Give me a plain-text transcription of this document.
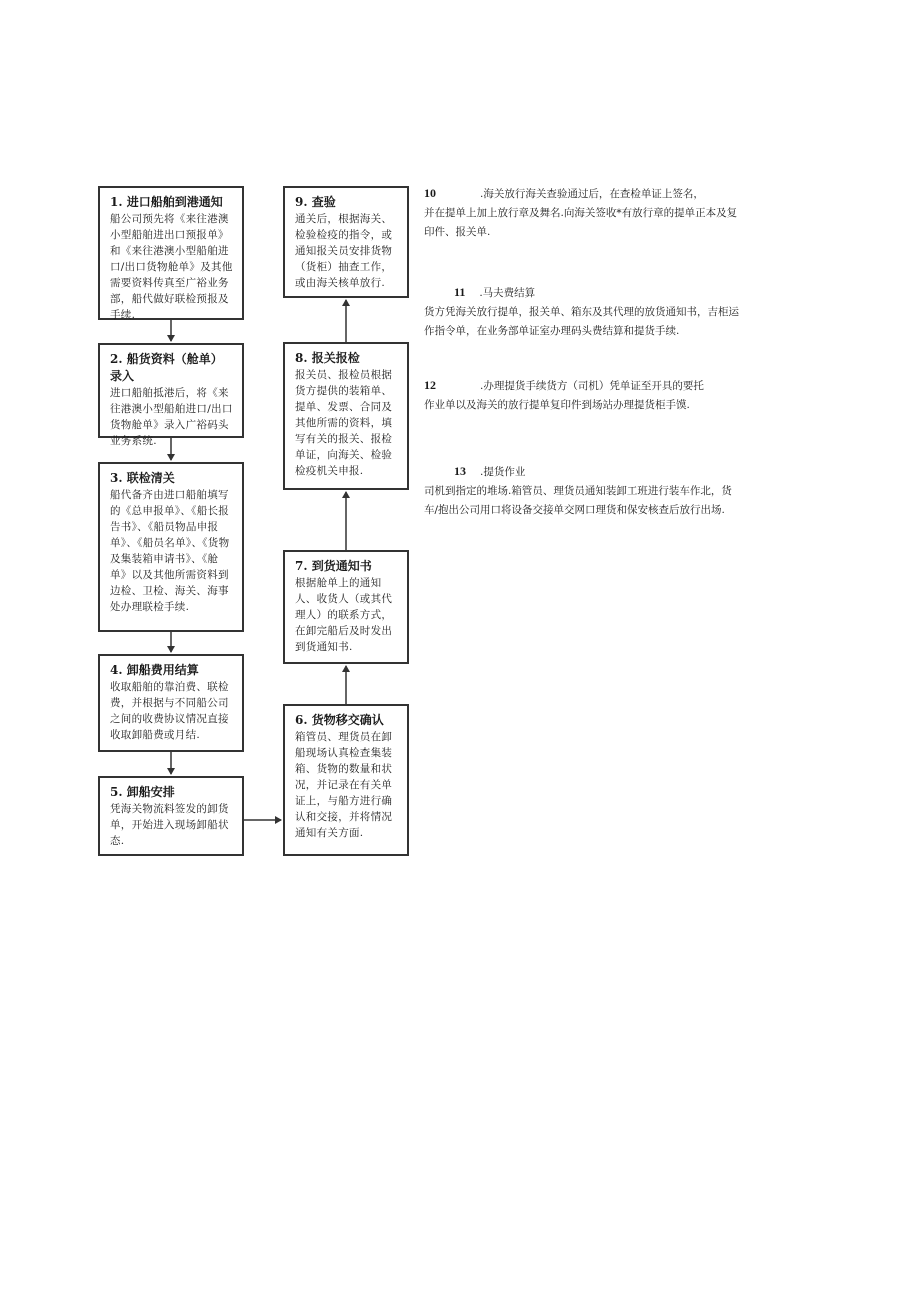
1. 进口船舶到港通知
船公司预先将《来往港澳小型船舶进出口预报单》和《来往港澳小型船舶进口/出口货物舱单》及其他需要资料传真至广裕业务部，船代做好联检预报及手续.
2. 船货资料（舱单）录入
进口船舶抵港后，将《来往港澳小型船舶进口/出口货物舱单》录入广裕码头业务系统.
3. 联检清关
船代备齐由进口船舶填写的《总申报单》、《船长报告书》、《船员物品申报单》、《船员名单》、《货物及集装箱申请书》、《舱单》以及其他所需资料到边检、卫检、海关、海事处办理联检手续.
4. 卸船费用结算
收取船舶的靠泊费、联检费，并根据与不同船公司之间的收费协议情况直接收取卸船费或月结.
5. 卸船安排
凭海关物流料签发的卸货单，开始进入现场卸船状态.
6. 货物移交确认
箱管员、理货员在卸船现场认真检查集装箱、货物的数量和状况，并记录在有关单证上，与船方进行确认和交接，并将情况通知有关方面.
7. 到货通知书
根据舱单上的通知人、收货人（或其代理人）的联系方式，在卸完船后及时发出到货通知书.
8. 报关报检
报关员、报检员根据货方提供的装箱单、提单、发票、合同及其他所需的资料，填写有关的报关、报检单证，向海关、检验检疫机关申报.
9. 查验
通关后，根据海关、检验检疫的指令，或通知报关员安排货物（货柜）抽查工作，或由海关核单放行.
10	.海关放行海关查验通过后，在查检单证上签名，
并在提单上加上放行章及舞名.向海关签收*有放行章的提单正本及复印件、报关单.
11 .马夫费结算
货方凭海关放行提单，报关单、箱东及其代理的放货通知书，吉柜运作指令单，在业务部单证室办理码头费结算和提货手续.
12	.办理提货手续货方（司机）凭单证至开具的要托
作业单以及海关的放行提单复印件到场站办理提货柜手馍.
13 .提货作业
司机到指定的堆场.箱管员、理货员通知装卸工班进行装车作北，货车/抱出公司用口将设备交接单交网口理货和保安核查后放行出场.
